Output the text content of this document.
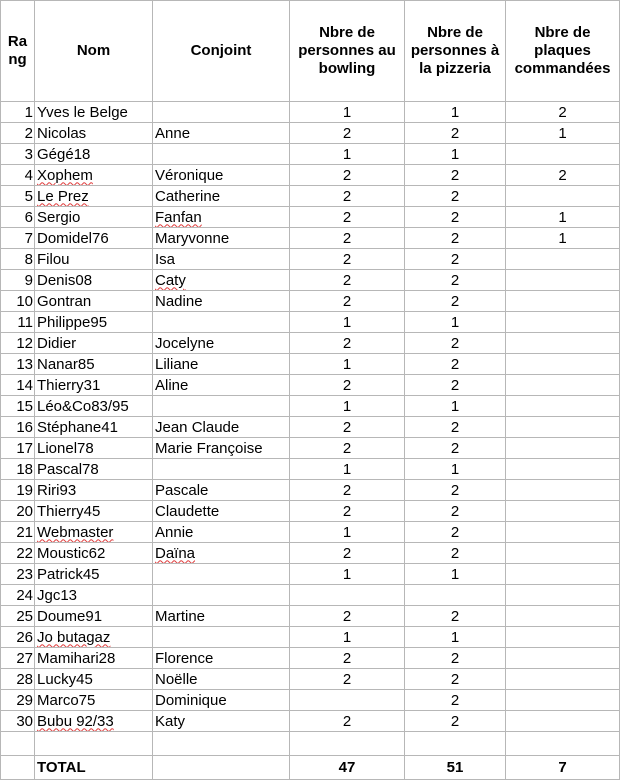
Ra ng	Nom	Conjoint	Nbre de personnes au bowling	Nbre de personnes à la pizzeria	Nbre de plaques commandées
1	Yves le Belge		1	1	2
2	Nicolas	Anne	2	2	1
3	Gégé18		1	1	
4	Xophem	Véronique	2	2	2
5	Le Prez	Catherine	2	2	
6	Sergio	Fanfan	2	2	1
7	Domidel76	Maryvonne	2	2	1
8	Filou	Isa	2	2	
9	Denis08	Caty	2	2	
10	Gontran	Nadine	2	2	
11	Philippe95		1	1	
12	Didier	Jocelyne	2	2	
13	Nanar85	Liliane	1	2	
14	Thierry31	Aline	2	2	
15	Léo&Co83/95		1	1	
16	Stéphane41	Jean Claude	2	2	
17	Lionel78	Marie Françoise	2	2	
18	Pascal78		1	1	
19	Riri93	Pascale	2	2	
20	Thierry45	Claudette	2	2	
21	Webmaster	Annie	1	2	
22	Moustic62	Daïna	2	2	
23	Patrick45		1	1	
24	Jgc13				
25	Doume91	Martine	2	2	
26	Jo butagaz		1	1	
27	Mamihari28	Florence	2	2	
28	Lucky45	Noëlle	2	2	
29	Marco75	Dominique		2	
30	Bubu 92/33	Katy	2	2	

	TOTAL		47	51	7
